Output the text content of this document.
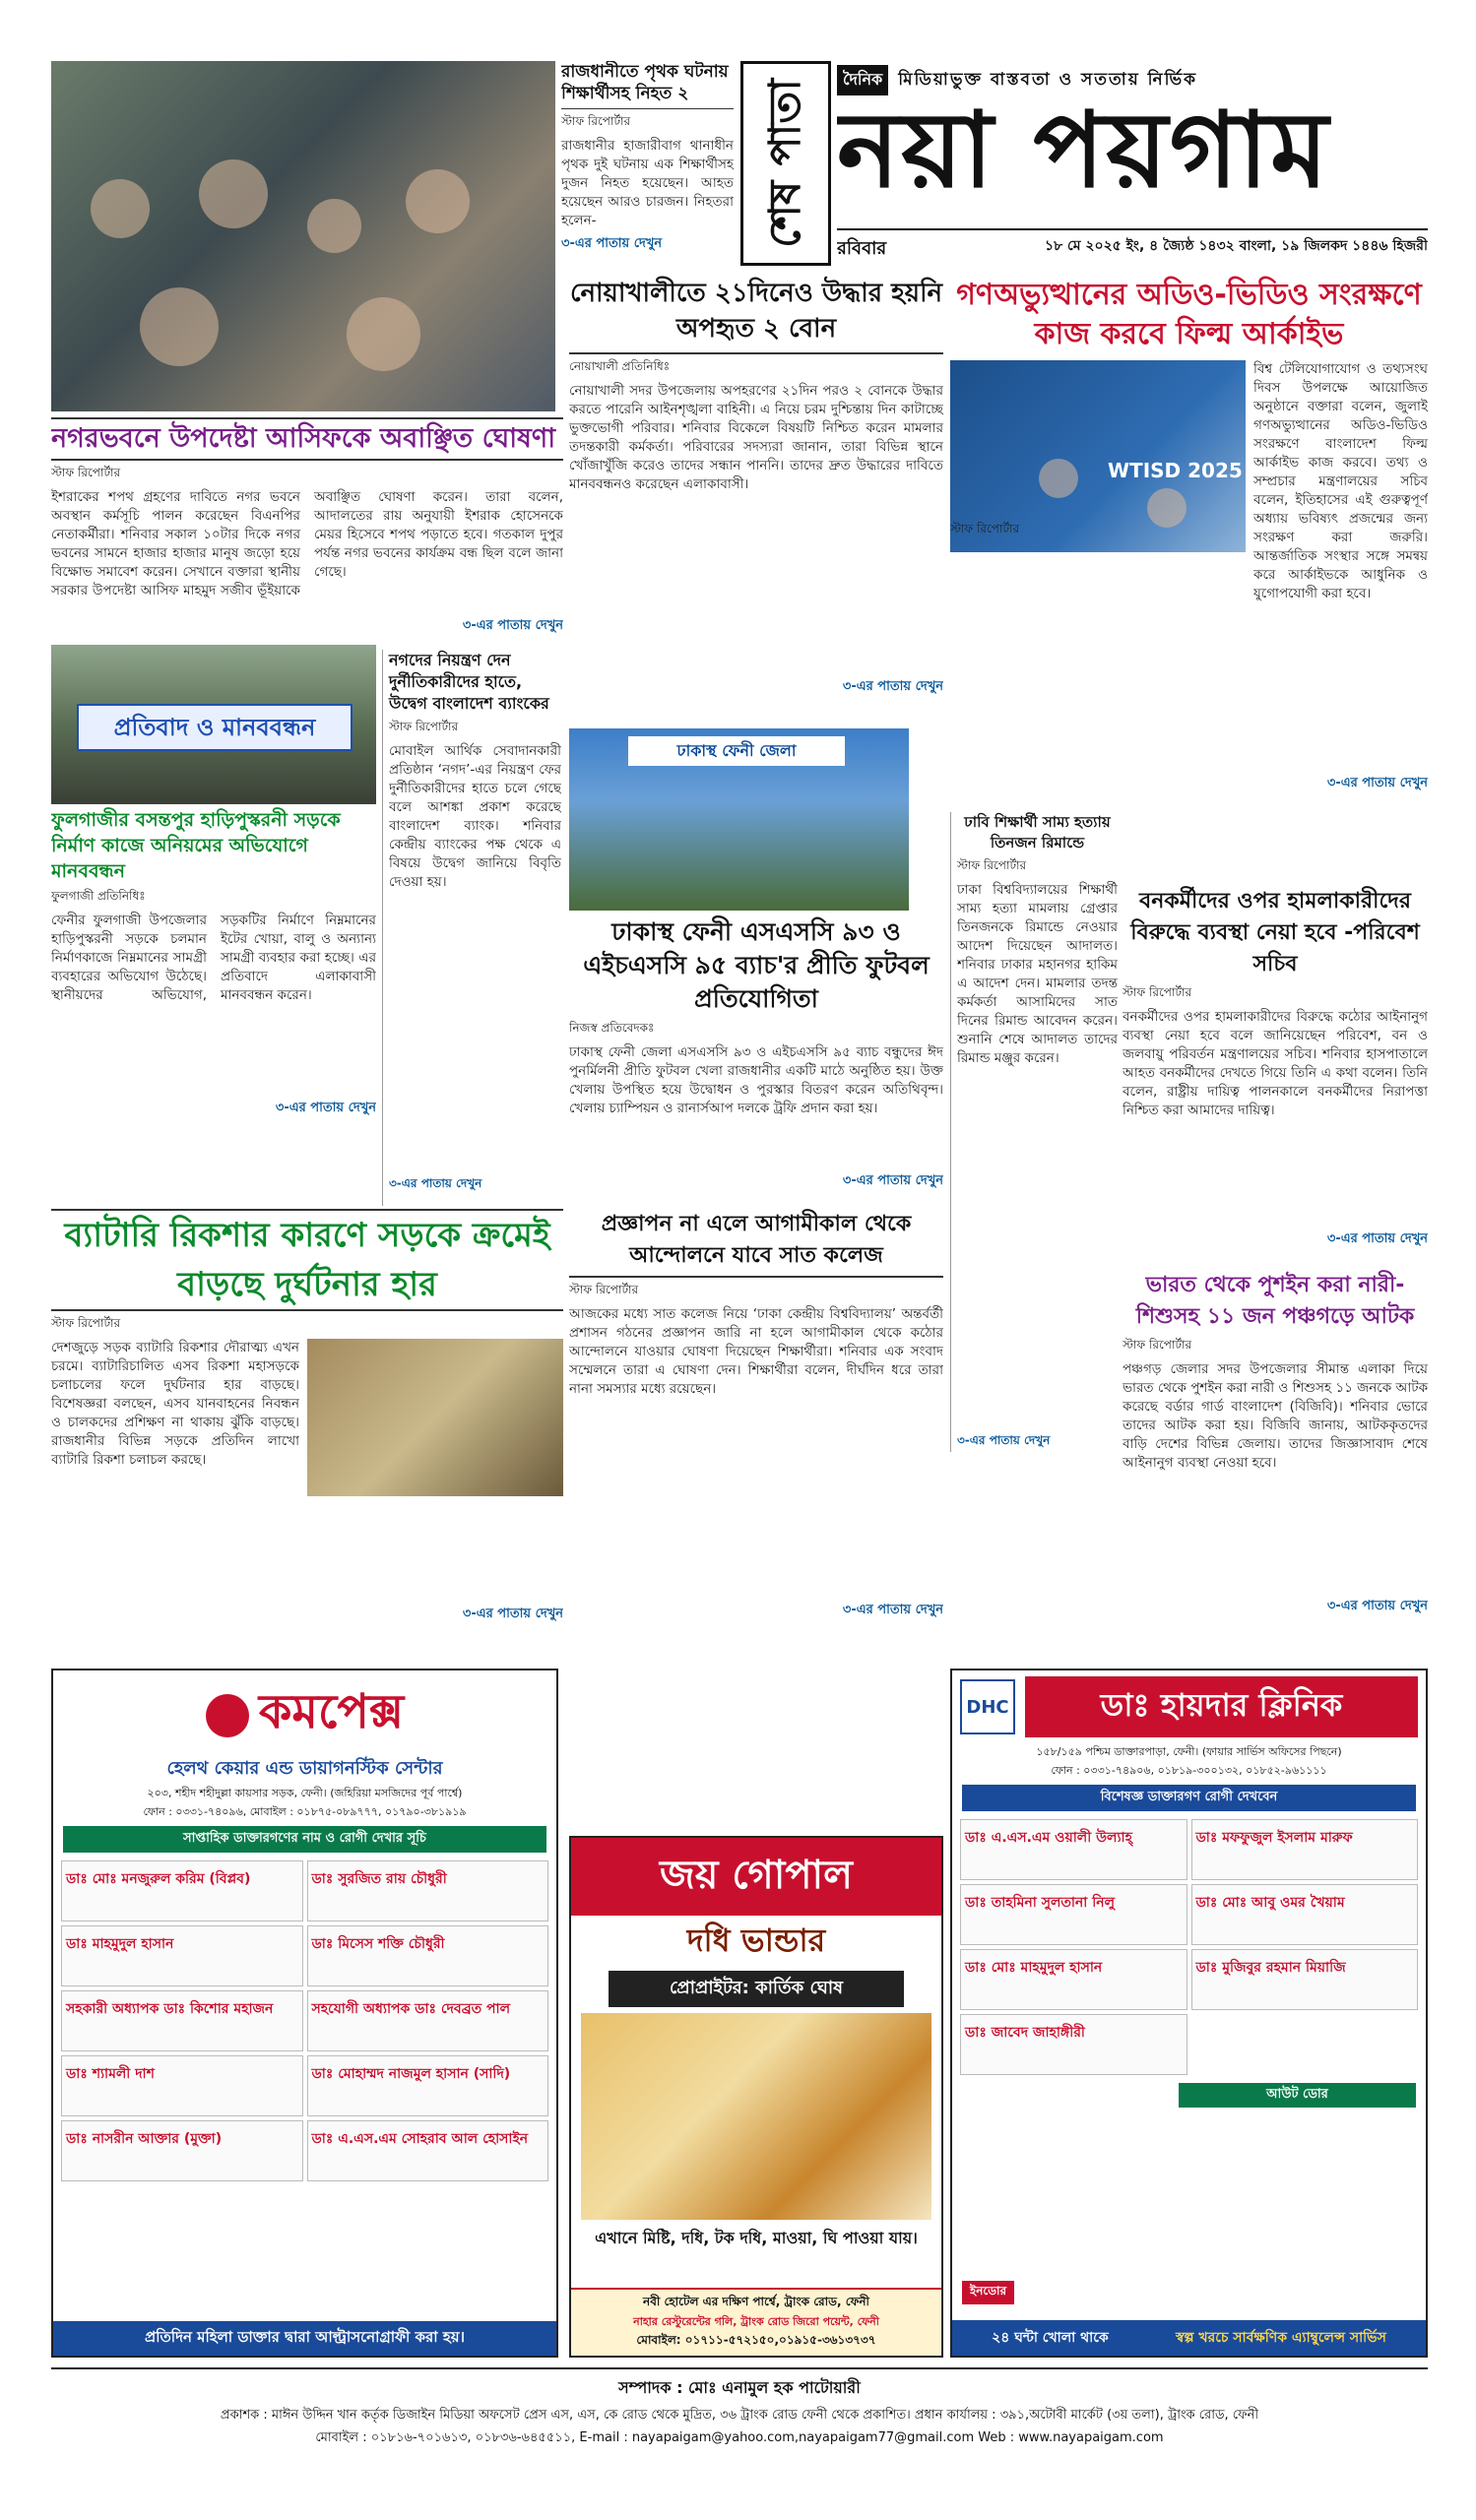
রাজধানীতে পৃথক ঘটনায় শিক্ষার্থীসহ নিহত ২
স্টাফ রিপোর্টার
রাজধানীর হাজারীবাগ থানাধীন পৃথক দুই ঘটনায় এক শিক্ষার্থীসহ দুজন নিহত হয়েছেন। আহত হয়েছেন আরও চারজন। নিহতরা হলেন-
৩-এর পাতায় দেখুন	শেষ পাতা	দৈনিক মিডিয়াভুক্ত বাস্তবতা ও সততায় নির্ভিক
নয়া পয়গাম
রবিবার	১৮ মে ২০২৫ ইং, ৪ জ্যৈষ্ঠ ১৪৩২ বাংলা, ১৯ জিলকদ ১৪৪৬ হিজরী
নগরভবনে উপদেষ্টা আসিফকে অবাঞ্ছিত ঘোষণা
স্টাফ রিপোর্টার
ইশরাকের শপথ গ্রহণের দাবিতে নগর ভবনে অবস্থান কর্মসূচি পালন করেছেন বিএনপির নেতাকর্মীরা। শনিবার সকাল ১০টার দিকে নগর ভবনের সামনে হাজার হাজার মানুষ জড়ো হয়ে বিক্ষোভ সমাবেশ করেন। সেখানে বক্তারা স্থানীয় সরকার উপদেষ্টা আসিফ মাহমুদ সজীব ভূঁইয়াকে অবাঞ্ছিত ঘোষণা করেন। তারা বলেন, আদালতের রায় অনুযায়ী ইশরাক হোসেনকে মেয়র হিসেবে শপথ পড়াতে হবে। গতকাল দুপুর পর্যন্ত নগর ভবনের কার্যক্রম বন্ধ ছিল বলে জানা গেছে।
৩-এর পাতায় দেখুন
প্রতিবাদ ও মানববন্ধন
ফুলগাজীর বসন্তপুর হাড়িপুস্করনী সড়কে নির্মাণ কাজে অনিয়মের অভিযোগে মানববন্ধন
ফুলগাজী প্রতিনিধিঃ
ফেনীর ফুলগাজী উপজেলার হাড়িপুস্করনী সড়কে চলমান নির্মাণকাজে নিম্নমানের সামগ্রী ব্যবহারের অভিযোগ উঠেছে। স্থানীয়দের অভিযোগ, সড়কটির নির্মাণে নিম্নমানের ইটের খোয়া, বালু ও অন্যান্য সামগ্রী ব্যবহার করা হচ্ছে। এর প্রতিবাদে এলাকাবাসী মানববন্ধন করেন।
৩-এর পাতায় দেখুন
নগদের নিয়ন্ত্রণ দেন দুর্নীতিকারীদের হাতে, উদ্বেগ বাংলাদেশ ব্যাংকের
স্টাফ রিপোর্টার
মোবাইল আর্থিক সেবাদানকারী প্রতিষ্ঠান ‘নগদ’-এর নিয়ন্ত্রণ ফের দুর্নীতিকারীদের হাতে চলে গেছে বলে আশঙ্কা প্রকাশ করেছে বাংলাদেশ ব্যাংক। শনিবার কেন্দ্রীয় ব্যাংকের পক্ষ থেকে এ বিষয়ে উদ্বেগ জানিয়ে বিবৃতি দেওয়া হয়।
৩-এর পাতায় দেখুন
নোয়াখালীতে ২১দিনেও উদ্ধার হয়নি অপহৃত ২ বোন
নোয়াখালী প্রতিনিধিঃ
নোয়াখালী সদর উপজেলায় অপহরণের ২১দিন পরও ২ বোনকে উদ্ধার করতে পারেনি আইনশৃঙ্খলা বাহিনী। এ নিয়ে চরম দুশ্চিন্তায় দিন কাটাচ্ছে ভুক্তভোগী পরিবার। শনিবার বিকেলে বিষয়টি নিশ্চিত করেন মামলার তদন্তকারী কর্মকর্তা। পরিবারের সদস্যরা জানান, তারা বিভিন্ন স্থানে খোঁজাখুঁজি করেও তাদের সন্ধান পাননি। তাদের দ্রুত উদ্ধারের দাবিতে মানববন্ধনও করেছেন এলাকাবাসী।
৩-এর পাতায় দেখুন
গণঅভ্যুত্থানের অডিও-ভিডিও সংরক্ষণে কাজ করবে ফিল্ম আর্কাইভ
WTISD 2025
বিশ্ব টেলিযোগাযোগ ও তথ্যসংঘ দিবস উপলক্ষে আয়োজিত অনুষ্ঠানে বক্তারা বলেন, জুলাই গণঅভ্যুত্থানের অডিও-ভিডিও সংরক্ষণে বাংলাদেশ ফিল্ম আর্কাইভ কাজ করবে। তথ্য ও সম্প্রচার মন্ত্রণালয়ের সচিব বলেন, ইতিহাসের এই গুরুত্বপূর্ণ অধ্যায় ভবিষ্যৎ প্রজন্মের জন্য সংরক্ষণ করা জরুরি। আন্তর্জাতিক সংস্থার সঙ্গে সমন্বয় করে আর্কাইভকে আধুনিক ও যুগোপযোগী করা হবে।
৩-এর পাতায় দেখুন
স্টাফ রিপোর্টার
ঢাকাস্থ ফেনী জেলা
ঢাকাস্থ ফেনী এসএসসি ৯৩ ও এইচএসসি ৯৫ ব্যাচ'র প্রীতি ফুটবল প্রতিযোগিতা
নিজস্ব প্রতিবেদকঃ
ঢাকাস্থ ফেনী জেলা এসএসসি ৯৩ ও এইচএসসি ৯৫ ব্যাচ বন্ধুদের ঈদ পুনর্মিলনী প্রীতি ফুটবল খেলা রাজধানীর একটি মাঠে অনুষ্ঠিত হয়। উক্ত খেলায় উপস্থিত হয়ে উদ্বোধন ও পুরস্কার বিতরণ করেন অতিথিবৃন্দ। খেলায় চ্যাম্পিয়ন ও রানার্সআপ দলকে ট্রফি প্রদান করা হয়।
৩-এর পাতায় দেখুন
ঢাবি শিক্ষার্থী সাম্য হত্যায় তিনজন রিমান্ডে
স্টাফ রিপোর্টার
ঢাকা বিশ্ববিদ্যালয়ের শিক্ষার্থী সাম্য হত্যা মামলায় গ্রেপ্তার তিনজনকে রিমান্ডে নেওয়ার আদেশ দিয়েছেন আদালত। শনিবার ঢাকার মহানগর হাকিম এ আদেশ দেন। মামলার তদন্ত কর্মকর্তা আসামিদের সাত দিনের রিমান্ড আবেদন করেন। শুনানি শেষে আদালত তাদের রিমান্ড মঞ্জুর করেন।
৩-এর পাতায় দেখুন
বনকর্মীদের ওপর হামলাকারীদের বিরুদ্ধে ব্যবস্থা নেয়া হবে -পরিবেশ সচিব
স্টাফ রিপোর্টার
বনকর্মীদের ওপর হামলাকারীদের বিরুদ্ধে কঠোর আইনানুগ ব্যবস্থা নেয়া হবে বলে জানিয়েছেন পরিবেশ, বন ও জলবায়ু পরিবর্তন মন্ত্রণালয়ের সচিব। শনিবার হাসপাতালে আহত বনকর্মীদের দেখতে গিয়ে তিনি এ কথা বলেন। তিনি বলেন, রাষ্ট্রীয় দায়িত্ব পালনকালে বনকর্মীদের নিরাপত্তা নিশ্চিত করা আমাদের দায়িত্ব।
৩-এর পাতায় দেখুন
ব্যাটারি রিকশার কারণে সড়কে ক্রমেই বাড়ছে দুর্ঘটনার হার
স্টাফ রিপোর্টার
দেশজুড়ে সড়ক ব্যাটারি রিকশার দৌরাত্ম্য এখন চরমে। ব্যাটারিচালিত এসব রিকশা মহাসড়কে চলাচলের ফলে দুর্ঘটনার হার বাড়ছে। বিশেষজ্ঞরা বলছেন, এসব যানবাহনের নিবন্ধন ও চালকদের প্রশিক্ষণ না থাকায় ঝুঁকি বাড়ছে। রাজধানীর বিভিন্ন সড়কে প্রতিদিন লাখো ব্যাটারি রিকশা চলাচল করছে।
৩-এর পাতায় দেখুন
প্রজ্ঞাপন না এলে আগামীকাল থেকে আন্দোলনে যাবে সাত কলেজ
স্টাফ রিপোর্টার
আজকের মধ্যে সাত কলেজ নিয়ে ‘ঢাকা কেন্দ্রীয় বিশ্ববিদ্যালয়’ অন্তর্বর্তী প্রশাসন গঠনের প্রজ্ঞাপন জারি না হলে আগামীকাল থেকে কঠোর আন্দোলনে যাওয়ার ঘোষণা দিয়েছেন শিক্ষার্থীরা। শনিবার এক সংবাদ সম্মেলনে তারা এ ঘোষণা দেন। শিক্ষার্থীরা বলেন, দীর্ঘদিন ধরে তারা নানা সমস্যার মধ্যে রয়েছেন।
৩-এর পাতায় দেখুন
ভারত থেকে পুশইন করা নারী-শিশুসহ ১১ জন পঞ্চগড়ে আটক
স্টাফ রিপোর্টার
পঞ্চগড় জেলার সদর উপজেলার সীমান্ত এলাকা দিয়ে ভারত থেকে পুশইন করা নারী ও শিশুসহ ১১ জনকে আটক করেছে বর্ডার গার্ড বাংলাদেশ (বিজিবি)। শনিবার ভোরে তাদের আটক করা হয়। বিজিবি জানায়, আটককৃতদের বাড়ি দেশের বিভিন্ন জেলায়। তাদের জিজ্ঞাসাবাদ শেষে আইনানুগ ব্যবস্থা নেওয়া হবে।
৩-এর পাতায় দেখুন
কমপেক্স
হেলথ কেয়ার এন্ড ডায়াগনস্টিক সেন্টার
২০৩, শহীদ শহীদুল্লা কায়সার সড়ক, ফেনী। (জহিরিয়া মসজিদের পূর্ব পার্শ্বে)
ফোন : ০৩৩১-৭৪০৯৬, মোবাইল : ০১৮৭৫-০৮৯৭৭৭, ০১৭৯০-৩৮১৯১৯
সাপ্তাহিক ডাক্তারগণের নাম ও রোগী দেখার সূচি
ডাঃ মোঃ মনজুরুল করিম (বিপ্লব)	ডাঃ সুরজিত রায় চৌধুরী
ডাঃ মাহমুদুল হাসান	ডাঃ মিসেস শক্তি চৌধুরী
সহকারী অধ্যাপক ডাঃ কিশোর মহাজন	সহযোগী অধ্যাপক ডাঃ দেবব্রত পাল
ডাঃ শ্যামলী দাশ	ডাঃ মোহাম্মদ নাজমুল হাসান (সাদি)
ডাঃ নাসরীন আক্তার (মুক্তা)	ডাঃ এ.এস.এম সোহরাব আল হোসাইন
প্রতিদিন মহিলা ডাক্তার দ্বারা আল্ট্রাসনোগ্রাফী করা হয়।
জয় গোপাল
দধি ভান্ডার
প্রোপ্রাইটর: কার্তিক ঘোষ
এখানে মিষ্টি, দধি, টক দধি, মাওয়া, ঘি পাওয়া যায়।
নবী হোটেল এর দক্ষিণ পার্শ্বে, ট্রাংক রোড, ফেনী
নাহার রেস্টুরেন্টের গলি, ট্রাংক রোড জিরো পয়েন্ট, ফেনী
মোবাইল: ০১৭১১-৫৭২১৫০,০১৯১৫-৩৬১৩৭৩৭
DHC	ডাঃ হায়দার ক্লিনিক
১৫৮/১৫৯ পশ্চিম ডাক্তারপাড়া, ফেনী। (ফায়ার সার্ভিস অফিসের পিছনে)
ফোন : ০৩৩১-৭৪৯০৬, ০১৮১৯-৩০০১৩২, ০১৮৫২-৯৬১১১১
বিশেষজ্ঞ ডাক্তারগণ রোগী দেখবেন
ডাঃ এ.এস.এম ওয়ালী উল্যাহ্	ডাঃ মফফুজুল ইসলাম মারুফ
ডাঃ তাহমিনা সুলতানা নিলু	ডাঃ মোঃ আবু ওমর খৈয়াম
ডাঃ মোঃ মাহমুদুল হাসান	ডাঃ মুজিবুর রহমান মিয়াজি
ডাঃ জাবেদ জাহাঙ্গীরী
আউট ডোর
ইনডোর
২৪ ঘন্টা খোলা থাকে	স্বল্প খরচে সার্বক্ষণিক এ্যাম্বুলেন্স সার্ভিস
সম্পাদক : মোঃ এনামুল হক পাটোয়ারী
প্রকাশক : মাঈন উদ্দিন খান কর্তৃক ডিজাইন মিডিয়া অফসেট প্রেস এস, এস, কে রোড থেকে মুদ্রিত, ৩৬ ট্রাংক রোড ফেনী থেকে প্রকাশিত। প্রধান কার্যালয় : ৩৯১,অটোবী মার্কেট (৩য় তলা), ট্রাংক রোড, ফেনী
মোবাইল : ০১৮১৬-৭০১৬১৩, ০১৮৩৬-৬৪৫৫১১, E-mail : nayapaigam@yahoo.com,nayapaigam77@gmail.com Web : www.nayapaigam.com
